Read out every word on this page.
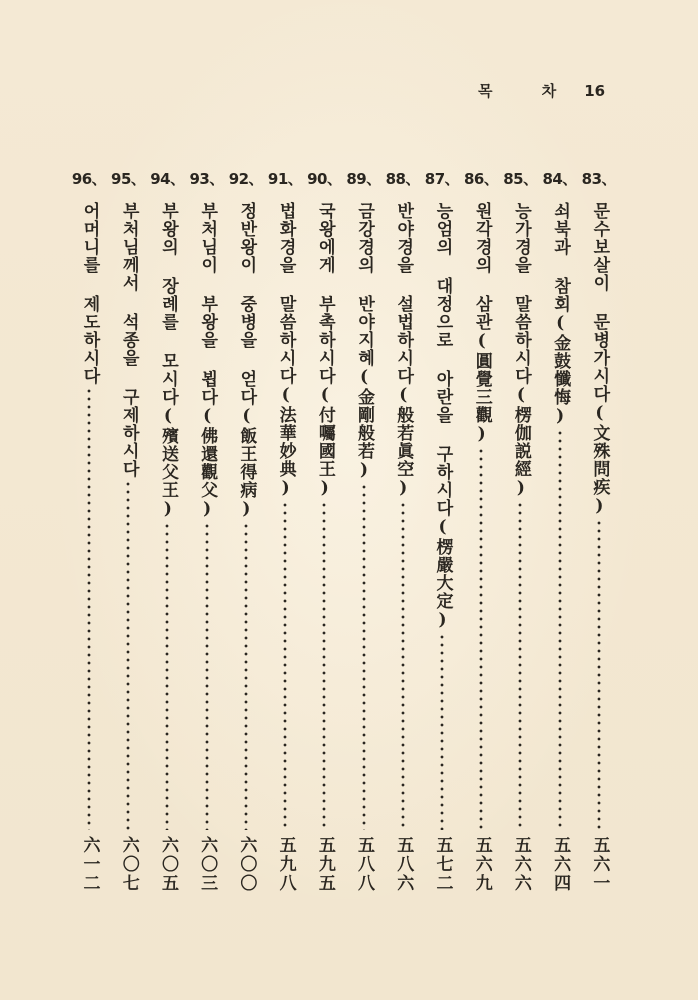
목 차 16
83、
문수보살이 문병가시다(文殊問疾)
五六一
84、
쇠북과 참회(金鼓懺悔)
五六四
85、
능가경을 말씀하시다(楞伽説經)
五六六
86、
원각경의 삼관(圓覺三觀)
五六九
87、
능엄의 대정으로 아란을 구하시다(楞嚴大定)
五七二
88、
반야경을 설법하시다(般若眞空)
五八六
89、
금강경의 반야지혜(金剛般若)
五八八
90、
국왕에게 부촉하시다(付囑國王)
五九五
91、
법화경을 말씀하시다(法華妙典)
五九八
92、
정반왕이 중병을 얻다(飯王得病)
六〇〇
93、
부처님이 부왕을 뵙다(佛還觀父)
六〇三
94、
부왕의 장례를 모시다(殯送父王)
六〇五
95、
부처님께서 석종을 구제하시다
六〇七
96、
어머니를 제도하시다
六一二
